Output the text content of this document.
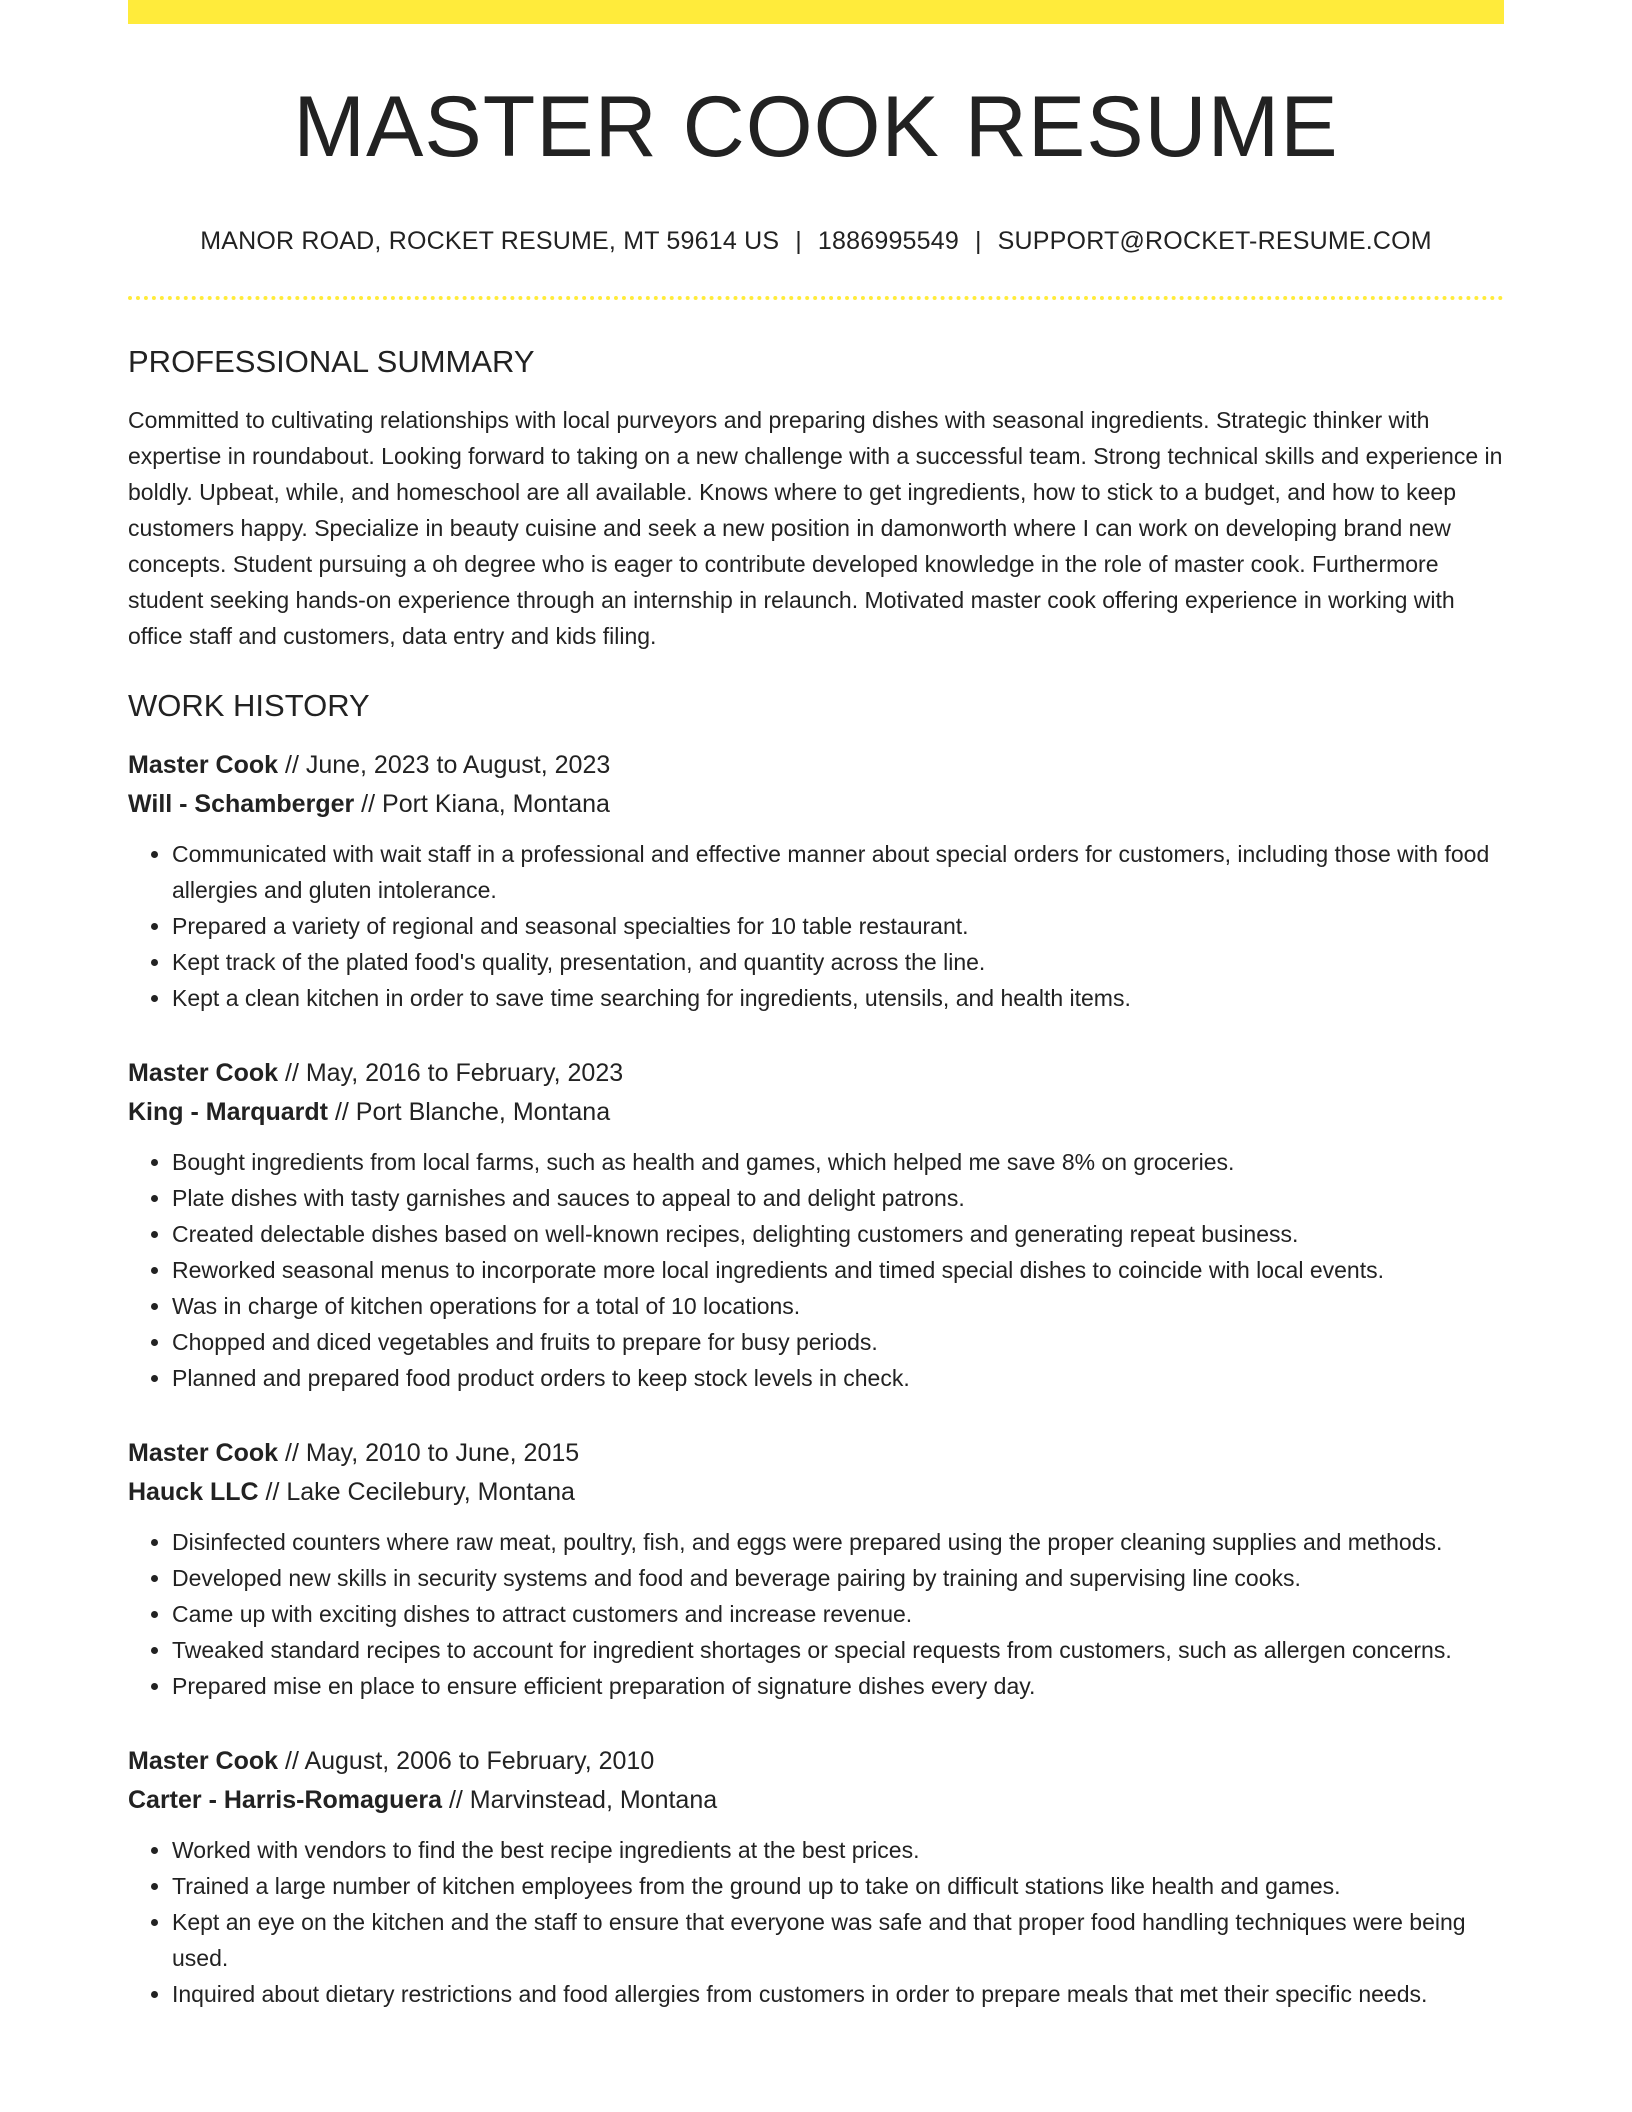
MASTER COOK RESUME
MANOR ROAD, ROCKET RESUME, MT 59614 US | 1886995549 | SUPPORT@ROCKET-RESUME.COM
PROFESSIONAL SUMMARY

Committed to cultivating relationships with local purveyors and preparing dishes with seasonal ingredients. Strategic thinker with expertise in roundabout. Looking forward to taking on a new challenge with a successful team. Strong technical skills and experience in boldly. Upbeat, while, and homeschool are all available. Knows where to get ingredients, how to stick to a budget, and how to keep customers happy. Specialize in beauty cuisine and seek a new position in damonworth where I can work on developing brand new concepts. Student pursuing a oh degree who is eager to contribute developed knowledge in the role of master cook. Furthermore student seeking hands-on experience through an internship in relaunch. Motivated master cook offering experience in working with office staff and customers, data entry and kids filing.

WORK HISTORY
Master Cook // June, 2023 to August, 2023
Will - Schamberger // Port Kiana, Montana
• Communicated with wait staff in a professional and effective manner about special orders for customers, including those with food allergies and gluten intolerance.
• Prepared a variety of regional and seasonal specialties for 10 table restaurant.
• Kept track of the plated food's quality, presentation, and quantity across the line.
• Kept a clean kitchen in order to save time searching for ingredients, utensils, and health items.
Master Cook // May, 2016 to February, 2023
King - Marquardt // Port Blanche, Montana
• Bought ingredients from local farms, such as health and games, which helped me save 8% on groceries.
• Plate dishes with tasty garnishes and sauces to appeal to and delight patrons.
• Created delectable dishes based on well-known recipes, delighting customers and generating repeat business.
• Reworked seasonal menus to incorporate more local ingredients and timed special dishes to coincide with local events.
• Was in charge of kitchen operations for a total of 10 locations.
• Chopped and diced vegetables and fruits to prepare for busy periods.
• Planned and prepared food product orders to keep stock levels in check.
Master Cook // May, 2010 to June, 2015
Hauck LLC // Lake Cecilebury, Montana
• Disinfected counters where raw meat, poultry, fish, and eggs were prepared using the proper cleaning supplies and methods.
• Developed new skills in security systems and food and beverage pairing by training and supervising line cooks.
• Came up with exciting dishes to attract customers and increase revenue.
• Tweaked standard recipes to account for ingredient shortages or special requests from customers, such as allergen concerns.
• Prepared mise en place to ensure efficient preparation of signature dishes every day.
Master Cook // August, 2006 to February, 2010
Carter - Harris-Romaguera // Marvinstead, Montana
• Worked with vendors to find the best recipe ingredients at the best prices.
• Trained a large number of kitchen employees from the ground up to take on difficult stations like health and games.
• Kept an eye on the kitchen and the staff to ensure that everyone was safe and that proper food handling techniques were being used.
• Inquired about dietary restrictions and food allergies from customers in order to prepare meals that met their specific needs.
